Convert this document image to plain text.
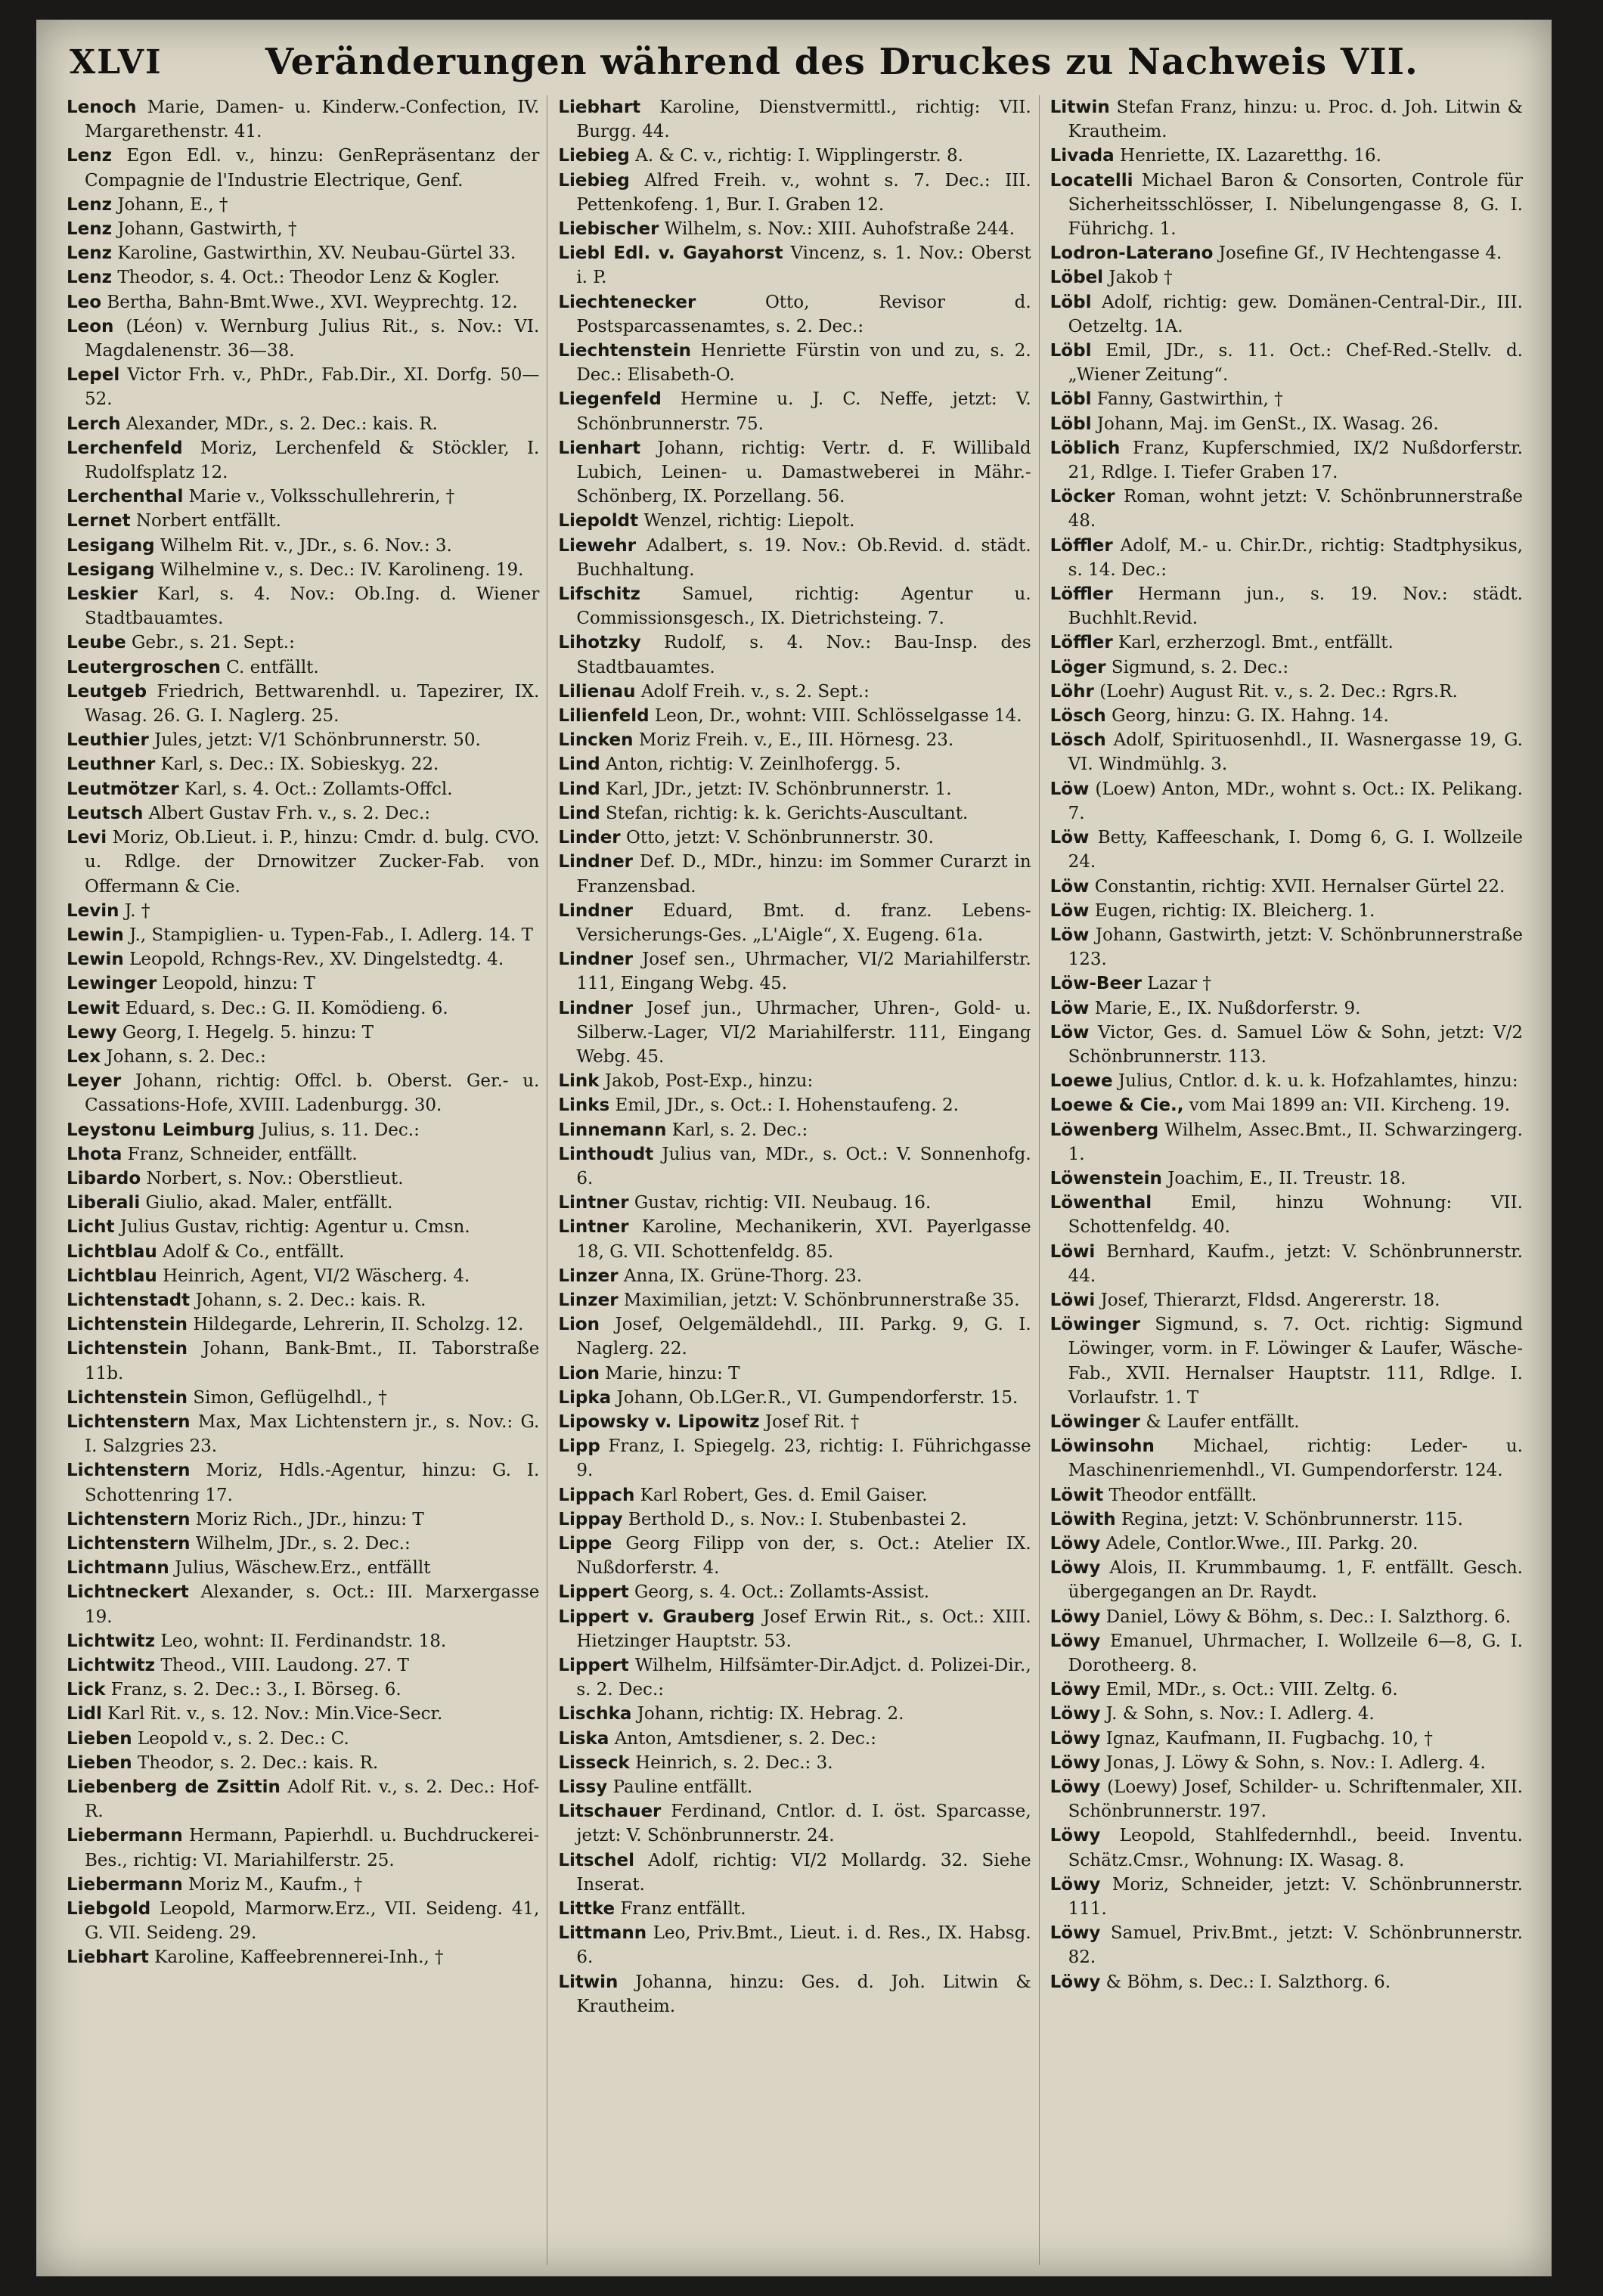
XLVI	Veränderungen während des Druckes zu Nachweis VII.

Lenoch Marie, Damen- u. Kinderw.-Confection, IV. Margarethenstr. 41.

Lenz Egon Edl. v., hinzu: GenRepräsentanz der Compagnie de l'Industrie Electrique, Genf.

Lenz Johann, E., †

Lenz Johann, Gastwirth, †

Lenz Karoline, Gastwirthin, XV. Neubau-Gürtel 33.

Lenz Theodor, s. 4. Oct.: Theodor Lenz & Kogler.

Leo Bertha, Bahn-Bmt.Wwe., XVI. Weyprechtg. 12.

Leon (Léon) v. Wernburg Julius Rit., s. Nov.: VI. Magdalenenstr. 36—38.

Lepel Victor Frh. v., PhDr., Fab.Dir., XI. Dorfg. 50—52.

Lerch Alexander, MDr., s. 2. Dec.: kais. R.

Lerchenfeld Moriz, Lerchenfeld & Stöckler, I. Rudolfsplatz 12.

Lerchenthal Marie v., Volksschullehrerin, †

Lernet Norbert entfällt.

Lesigang Wilhelm Rit. v., JDr., s. 6. Nov.: 3.

Lesigang Wilhelmine v., s. Dec.: IV. Karolineng. 19.

Leskier Karl, s. 4. Nov.: Ob.Ing. d. Wiener Stadtbauamtes.

Leube Gebr., s. 21. Sept.:

Leutergroschen C. entfällt.

Leutgeb Friedrich, Bettwarenhdl. u. Tapezirer, IX. Wasag. 26. G. I. Naglerg. 25.

Leuthier Jules, jetzt: V/1 Schönbrunnerstr. 50.

Leuthner Karl, s. Dec.: IX. Sobieskyg. 22.

Leutmötzer Karl, s. 4. Oct.: Zollamts-Offcl.

Leutsch Albert Gustav Frh. v., s. 2. Dec.:

Levi Moriz, Ob.Lieut. i. P., hinzu: Cmdr. d. bulg. CVO. u. Rdlge. der Drnowitzer Zucker-Fab. von Offermann & Cie.

Levin J. †

Lewin J., Stampiglien- u. Typen-Fab., I. Adlerg. 14. T

Lewin Leopold, Rchngs-Rev., XV. Dingelstedtg. 4.

Lewinger Leopold, hinzu: T

Lewit Eduard, s. Dec.: G. II. Komödieng. 6.

Lewy Georg, I. Hegelg. 5. hinzu: T

Lex Johann, s. 2. Dec.:

Leyer Johann, richtig: Offcl. b. Oberst. Ger.- u. Cassations-Hofe, XVIII. Ladenburgg. 30.

Leystonu Leimburg Julius, s. 11. Dec.:

Lhota Franz, Schneider, entfällt.

Libardo Norbert, s. Nov.: Oberstlieut.

Liberali Giulio, akad. Maler, entfällt.

Licht Julius Gustav, richtig: Agentur u. Cmsn.

Lichtblau Adolf & Co., entfällt.

Lichtblau Heinrich, Agent, VI/2 Wäscherg. 4.

Lichtenstadt Johann, s. 2. Dec.: kais. R.

Lichtenstein Hildegarde, Lehrerin, II. Scholzg. 12.

Lichtenstein Johann, Bank-Bmt., II. Taborstraße 11b.

Lichtenstein Simon, Geflügelhdl., †

Lichtenstern Max, Max Lichtenstern jr., s. Nov.: G. I. Salzgries 23.

Lichtenstern Moriz, Hdls.-Agentur, hinzu: G. I. Schottenring 17.

Lichtenstern Moriz Rich., JDr., hinzu: T

Lichtenstern Wilhelm, JDr., s. 2. Dec.:

Lichtmann Julius, Wäschew.Erz., entfällt

Lichtneckert Alexander, s. Oct.: III. Marxergasse 19.

Lichtwitz Leo, wohnt: II. Ferdinandstr. 18.

Lichtwitz Theod., VIII. Laudong. 27. T

Lick Franz, s. 2. Dec.: 3., I. Börseg. 6.

Lidl Karl Rit. v., s. 12. Nov.: Min.Vice-Secr.

Lieben Leopold v., s. 2. Dec.: C.

Lieben Theodor, s. 2. Dec.: kais. R.

Liebenberg de Zsittin Adolf Rit. v., s. 2. Dec.: Hof-R.

Liebermann Hermann, Papierhdl. u. Buchdruckerei-Bes., richtig: VI. Mariahilferstr. 25.

Liebermann Moriz M., Kaufm., †

Liebgold Leopold, Marmorw.Erz., VII. Seideng. 41, G. VII. Seideng. 29.

Liebhart Karoline, Kaffeebrennerei-Inh., †

Liebhart Karoline, Dienstvermittl., richtig: VII. Burgg. 44.

Liebieg A. & C. v., richtig: I. Wipplingerstr. 8.

Liebieg Alfred Freih. v., wohnt s. 7. Dec.: III. Pettenkofeng. 1, Bur. I. Graben 12.

Liebischer Wilhelm, s. Nov.: XIII. Auhofstraße 244.

Liebl Edl. v. Gayahorst Vincenz, s. 1. Nov.: Oberst i. P.

Liechtenecker	Otto, Revisor d. Postsparcassenamtes, s. 2. Dec.:

Liechtenstein Henriette Fürstin von und zu, s. 2. Dec.: Elisabeth-O.

Liegenfeld Hermine u. J. C. Neffe, jetzt: V. Schönbrunnerstr. 75.

Lienhart Johann, richtig: Vertr. d. F. Willibald Lubich, Leinen- u. Damastweberei in Mähr.-Schönberg, IX. Porzellang. 56.

Liepoldt Wenzel, richtig: Liepolt.

Liewehr Adalbert, s. 19. Nov.: Ob.Revid. d. städt. Buchhaltung.

Lifschitz Samuel, richtig: Agentur u. Commissionsgesch., IX. Dietrichsteing. 7.

Lihotzky Rudolf, s. 4. Nov.: Bau-Insp. des Stadtbauamtes.

Lilienau Adolf Freih. v., s. 2. Sept.:

Lilienfeld Leon, Dr., wohnt: VIII. Schlösselgasse 14.

Lincken Moriz Freih. v., E., III. Hörnesg. 23.

Lind Anton, richtig: V. Zeinlhofergg. 5.

Lind Karl, JDr., jetzt: IV. Schönbrunnerstr. 1.

Lind Stefan, richtig: k. k. Gerichts-Auscultant.

Linder Otto, jetzt: V. Schönbrunnerstr. 30.

Lindner Def. D., MDr., hinzu: im Sommer Curarzt in Franzensbad.

Lindner Eduard, Bmt. d. franz. Lebens-Versicherungs-Ges. „L'Aigle“, X. Eugeng. 61a.

Lindner Josef sen., Uhrmacher, VI/2 Mariahilferstr. 111, Eingang Webg. 45.

Lindner Josef jun., Uhrmacher, Uhren-, Gold- u. Silberw.-Lager, VI/2 Mariahilferstr. 111, Eingang Webg. 45.

Link Jakob, Post-Exp., hinzu:

Links Emil, JDr., s. Oct.: I. Hohenstaufeng. 2.

Linnemann Karl, s. 2. Dec.:

Linthoudt Julius van, MDr., s. Oct.: V. Sonnenhofg. 6.

Lintner Gustav, richtig: VII. Neubaug. 16.

Lintner Karoline, Mechanikerin, XVI. Payerlgasse 18, G. VII. Schottenfeldg. 85.

Linzer Anna, IX. Grüne-Thorg. 23.

Linzer Maximilian, jetzt: V. Schönbrunnerstraße 35.

Lion Josef, Oelgemäldehdl., III. Parkg. 9, G. I. Naglerg. 22.

Lion Marie, hinzu: T

Lipka Johann, Ob.LGer.R., VI. Gumpendorferstr. 15.

Lipowsky v. Lipowitz Josef Rit. †

Lipp Franz, I. Spiegelg. 23, richtig: I. Führichgasse 9.

Lippach Karl Robert, Ges. d. Emil Gaiser.

Lippay Berthold D., s. Nov.: I. Stubenbastei 2.

Lippe Georg Filipp von der, s. Oct.: Atelier IX. Nußdorferstr. 4.

Lippert Georg, s. 4. Oct.: Zollamts-Assist.

Lippert v. Grauberg Josef Erwin Rit., s. Oct.: XIII. Hietzinger Hauptstr. 53.

Lippert Wilhelm, Hilfsämter-Dir.Adjct. d. Polizei-Dir., s. 2. Dec.:

Lischka Johann, richtig: IX. Hebrag. 2.

Liska Anton, Amtsdiener, s. 2. Dec.:

Lisseck Heinrich, s. 2. Dec.: 3.

Lissy Pauline entfällt.

Litschauer Ferdinand, Cntlor. d. I. öst. Sparcasse, jetzt: V. Schönbrunnerstr. 24.

Litschel Adolf, richtig: VI/2 Mollardg. 32. Siehe Inserat.

Littke Franz entfällt.

Littmann Leo, Priv.Bmt., Lieut. i. d. Res., IX. Habsg. 6.

Litwin Johanna, hinzu: Ges. d. Joh. Litwin & Krautheim.

Litwin Stefan Franz, hinzu: u. Proc. d. Joh. Litwin & Krautheim.

Livada Henriette, IX. Lazaretthg. 16.

Locatelli Michael Baron & Consorten, Controle für Sicherheitsschlösser, I. Nibelungengasse 8, G. I. Führichg. 1.

Lodron-Laterano Josefine Gf., IV Hechtengasse 4.

Löbel Jakob †

Löbl Adolf, richtig: gew. Domänen-Central-Dir., III. Oetzeltg. 1A.

Löbl Emil, JDr., s. 11. Oct.: Chef-Red.-Stellv. d. „Wiener Zeitung“.

Löbl Fanny, Gastwirthin, †

Löbl Johann, Maj. im GenSt., IX. Wasag. 26.

Löblich Franz, Kupferschmied, IX/2 Nußdorferstr. 21, Rdlge. I. Tiefer Graben 17.

Löcker Roman, wohnt jetzt: V. Schönbrunnerstraße 48.

Löffler Adolf, M.- u. Chir.Dr., richtig: Stadtphysikus, s. 14. Dec.:

Löffler Hermann jun., s. 19. Nov.: städt. Buchhlt.Revid.

Löffler Karl, erzherzogl. Bmt., entfällt.

Löger Sigmund, s. 2. Dec.:

Löhr (Loehr) August Rit. v., s. 2. Dec.: Rgrs.R.

Lösch Georg, hinzu: G. IX. Hahng. 14.

Lösch Adolf, Spirituosenhdl., II. Wasnergasse 19, G. VI. Windmühlg. 3.

Löw (Loew) Anton, MDr., wohnt s. Oct.: IX. Pelikang. 7.

Löw Betty, Kaffeeschank, I. Domg 6, G. I. Wollzeile 24.

Löw Constantin, richtig: XVII. Hernalser Gürtel 22.

Löw Eugen, richtig: IX. Bleicherg. 1.

Löw Johann, Gastwirth, jetzt: V. Schönbrunnerstraße 123.

Löw-Beer Lazar †

Löw Marie, E., IX. Nußdorferstr. 9.

Löw Victor, Ges. d. Samuel Löw & Sohn, jetzt: V/2 Schönbrunnerstr. 113.

Loewe Julius, Cntlor. d. k. u. k. Hofzahlamtes, hinzu:

Loewe & Cie., vom Mai 1899 an: VII. Kircheng. 19.

Löwenberg Wilhelm, Assec.Bmt., II. Schwarzingerg. 1.

Löwenstein Joachim, E., II. Treustr. 18.

Löwenthal Emil, hinzu Wohnung: VII. Schottenfeldg. 40.

Löwi Bernhard, Kaufm., jetzt: V. Schönbrunnerstr. 44.

Löwi Josef, Thierarzt, Fldsd. Angererstr. 18.

Löwinger Sigmund, s. 7. Oct. richtig: Sigmund Löwinger, vorm. in F. Löwinger & Laufer, Wäsche-Fab., XVII. Hernalser Hauptstr. 111, Rdlge. I. Vorlaufstr. 1. T

Löwinger & Laufer entfällt.

Löwinsohn Michael, richtig: Leder- u. Maschinenriemenhdl., VI. Gumpendorferstr. 124.

Löwit Theodor entfällt.

Löwith Regina, jetzt: V. Schönbrunnerstr. 115.

Löwy Adele, Contlor.Wwe., III. Parkg. 20.

Löwy Alois, II. Krummbaumg. 1, F. entfällt. Gesch. übergegangen an Dr. Raydt.

Löwy Daniel, Löwy & Böhm, s. Dec.: I. Salzthorg. 6.

Löwy Emanuel, Uhrmacher, I. Wollzeile 6—8, G. I. Dorotheerg. 8.

Löwy Emil, MDr., s. Oct.: VIII. Zeltg. 6.

Löwy J. & Sohn, s. Nov.: I. Adlerg. 4.

Löwy Ignaz, Kaufmann, II. Fugbachg. 10, †

Löwy Jonas, J. Löwy & Sohn, s. Nov.: I. Adlerg. 4.

Löwy (Loewy) Josef, Schilder- u. Schriftenmaler, XII. Schönbrunnerstr. 197.

Löwy Leopold, Stahlfedernhdl., beeid. Inventu. Schätz.Cmsr., Wohnung: IX. Wasag. 8.

Löwy Moriz, Schneider, jetzt: V. Schönbrunnerstr. 111.

Löwy Samuel, Priv.Bmt., jetzt: V. Schönbrunnerstr. 82.

Löwy & Böhm, s. Dec.: I. Salzthorg. 6.
